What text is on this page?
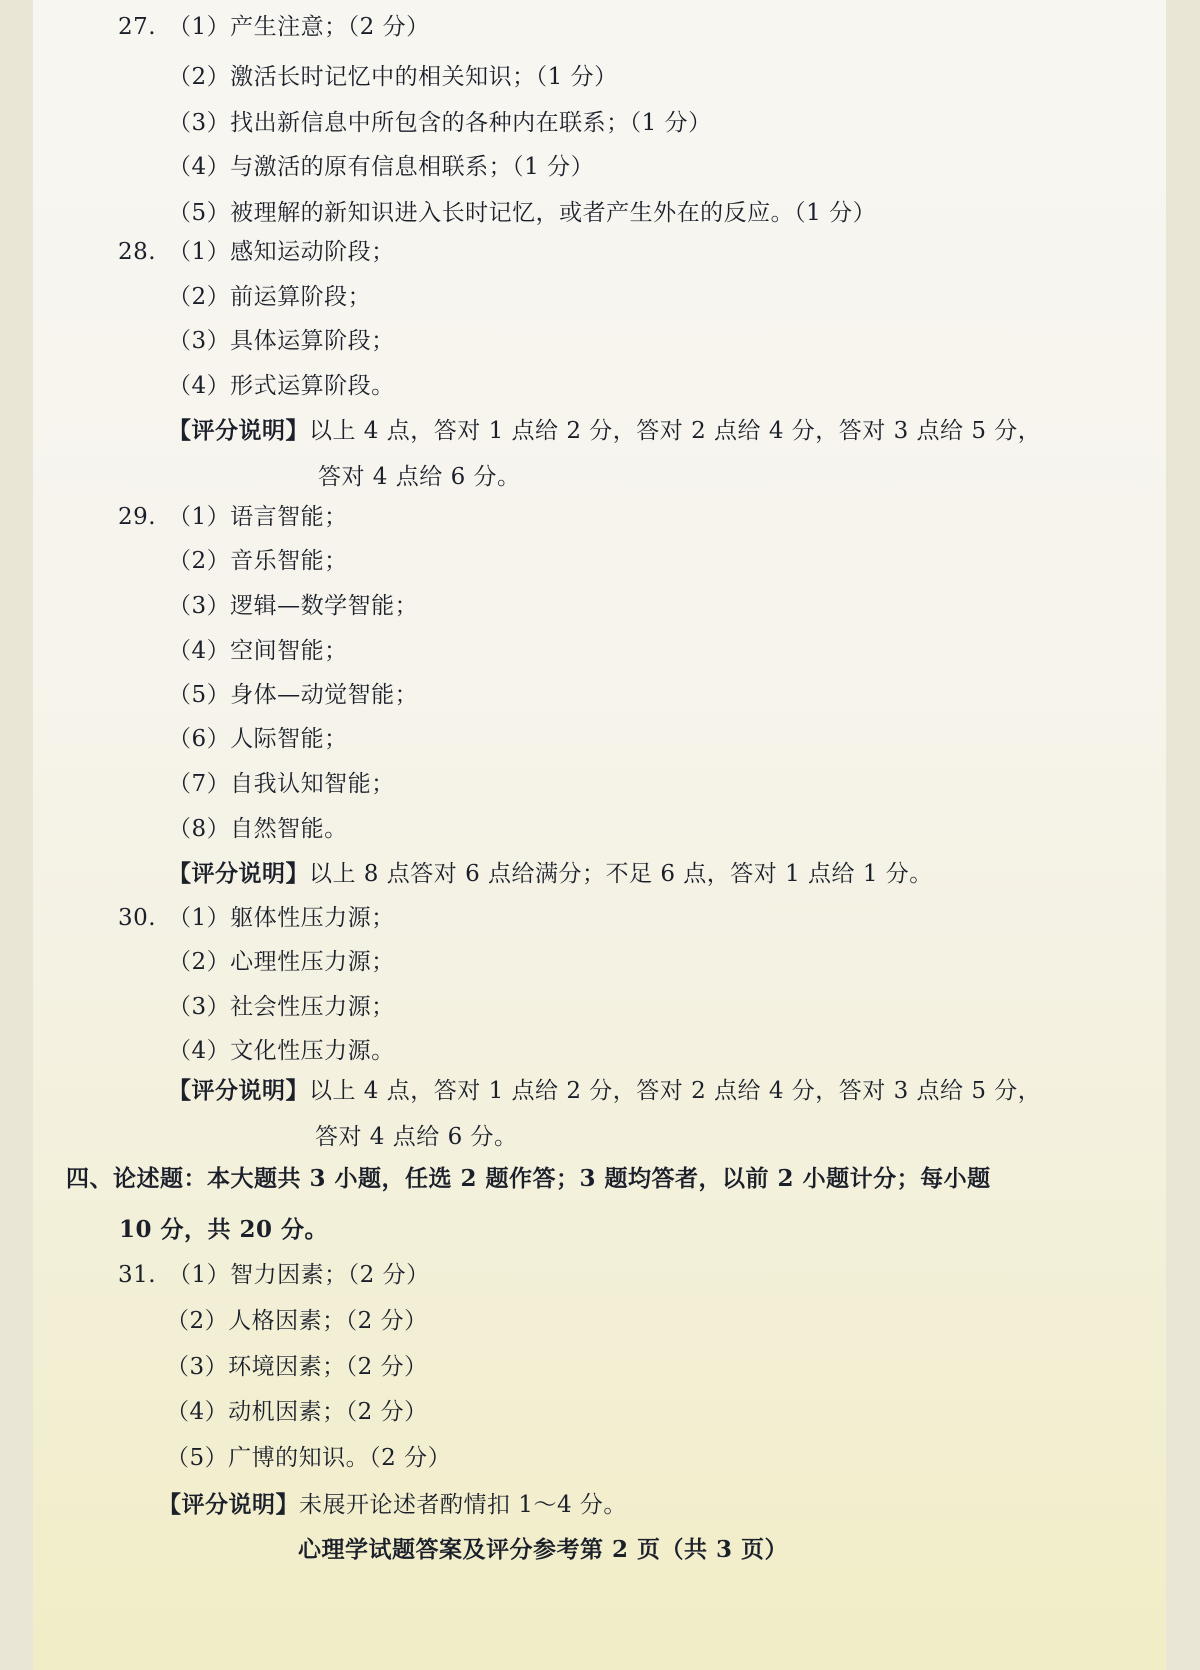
27. （1）产生注意；（2 分）
（2）激活长时记忆中的相关知识；（1 分）
（3）找出新信息中所包含的各种内在联系；（1 分）
（4）与激活的原有信息相联系；（1 分）
（5）被理解的新知识进入长时记忆，或者产生外在的反应。（1 分）
28. （1）感知运动阶段；
（2）前运算阶段；
（3）具体运算阶段；
（4）形式运算阶段。
【评分说明】以上 4 点，答对 1 点给 2 分，答对 2 点给 4 分，答对 3 点给 5 分，
答对 4 点给 6 分。
29. （1）语言智能；
（2）音乐智能；
（3）逻辑—数学智能；
（4）空间智能；
（5）身体—动觉智能；
（6）人际智能；
（7）自我认知智能；
（8）自然智能。
【评分说明】以上 8 点答对 6 点给满分；不足 6 点，答对 1 点给 1 分。
30. （1）躯体性压力源；
（2）心理性压力源；
（3）社会性压力源；
（4）文化性压力源。
【评分说明】以上 4 点，答对 1 点给 2 分，答对 2 点给 4 分，答对 3 点给 5 分，
答对 4 点给 6 分。
四、论述题：本大题共 3 小题，任选 2 题作答；3 题均答者，以前 2 小题计分；每小题
10 分，共 20 分。
31. （1）智力因素；（2 分）
（2）人格因素；（2 分）
（3）环境因素；（2 分）
（4）动机因素；（2 分）
（5）广博的知识。（2 分）
【评分说明】未展开论述者酌情扣 1～4 分。
心理学试题答案及评分参考第 2 页（共 3 页）
